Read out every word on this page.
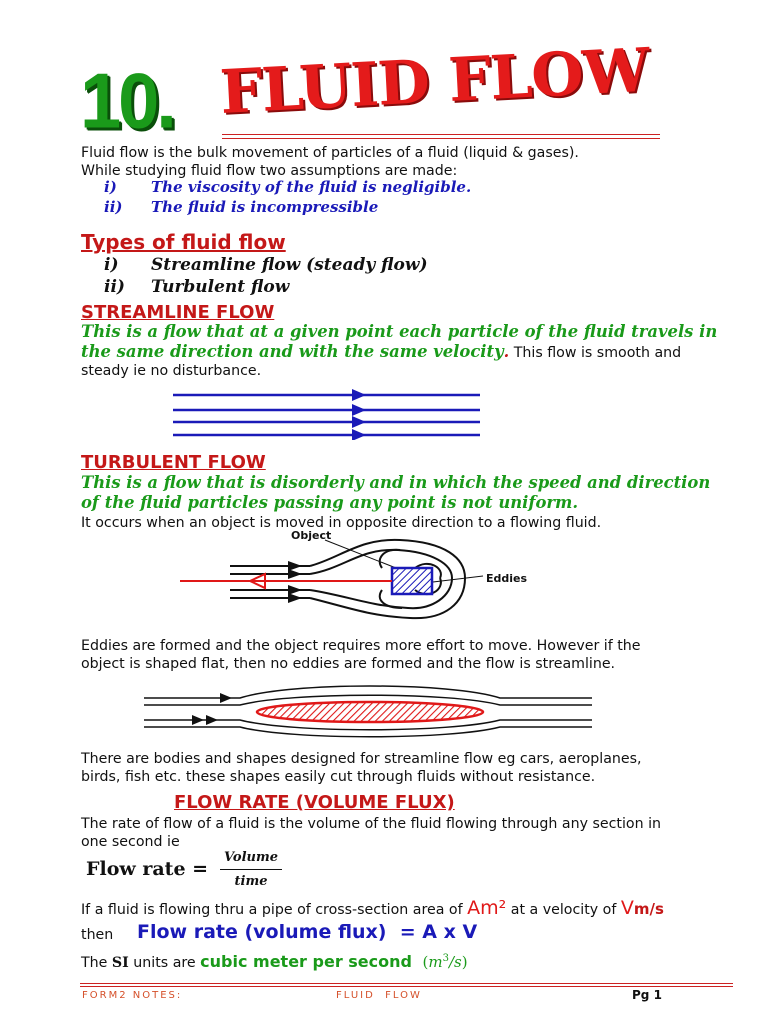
10. FLUID FLOW
Fluid flow is the bulk movement of particles of a fluid (liquid & gases).
While studying fluid flow two assumptions are made:
i) The viscosity of the fluid is negligible.
ii) The fluid is incompressible
Types of fluid flow
i) Streamline flow (steady flow)
ii) Turbulent flow
STREAMLINE FLOW
This is a flow that at a given point each particle of the fluid travels in
the same direction and with the same velocity. This flow is smooth and
steady ie no disturbance.
TURBULENT FLOW
This is a flow that is disorderly and in which the speed and direction
of the fluid particles passing any point is not uniform.
It occurs when an object is moved in opposite direction to a flowing fluid.
Object
Eddies
Eddies are formed and the object requires more effort to move. However if the
object is shaped flat, then no eddies are formed and the flow is streamline.
There are bodies and shapes designed for streamline flow eg cars, aeroplanes,
birds, fish etc. these shapes easily cut through fluids without resistance.
FLOW RATE (VOLUME FLUX)
The rate of flow of a fluid is the volume of the fluid flowing through any section in
one second ie
Flow rate =
Volume
time
If a fluid is flowing thru a pipe of cross-section area of Am² at a velocity of Vm/s
then Flow rate (volume flux)  = A x V
The SI units are cubic meter per second $(m^3/s)$
FORM2 NOTES:	FLUID  FLOW	Pg 1
